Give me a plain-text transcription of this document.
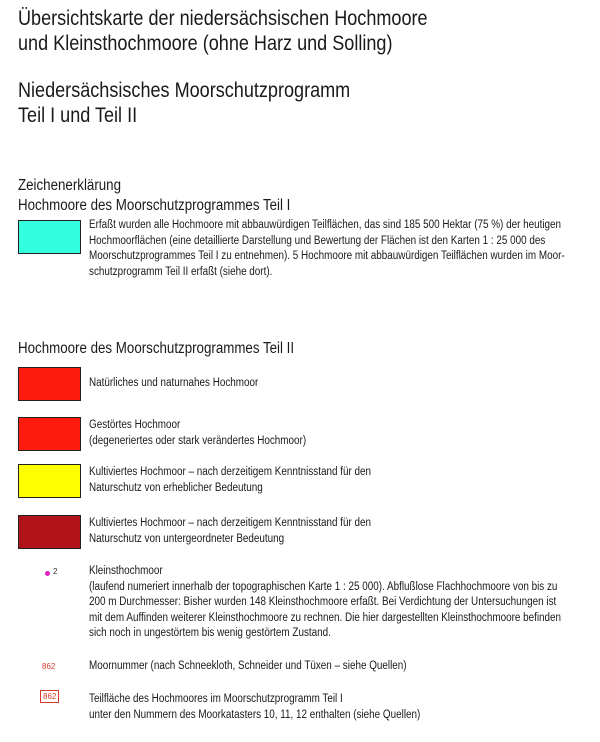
Übersichtskarte der niedersächsischen Hochmoore
und Kleinsthochmoore (ohne Harz und Solling)
Niedersächsisches Moorschutzprogramm
Teil I und Teil II
Zeichenerklärung
Hochmoore des Moorschutzprogrammes Teil I
Erfaßt wurden alle Hochmoore mit abbauwürdigen Teilflächen, das sind 185 500 Hektar (75 %) der heutigen
Hochmoorflächen (eine detaillierte Darstellung und Bewertung der Flächen ist den Karten 1 : 25 000 des
Moorschutzprogrammes Teil I zu entnehmen). 5 Hochmoore mit abbauwürdigen Teilflächen wurden im Moor-
schutzprogramm Teil II erfaßt (siehe dort).
Hochmoore des Moorschutzprogrammes Teil II
Natürliches und naturnahes Hochmoor
Gestörtes Hochmoor
(degeneriertes oder stark verändertes Hochmoor)
Kultiviertes Hochmoor – nach derzeitigem Kenntnisstand für den
Naturschutz von erheblicher Bedeutung
Kultiviertes Hochmoor – nach derzeitigem Kenntnisstand für den
Naturschutz von untergeordneter Bedeutung
2	Kleinsthochmoor
(laufend numeriert innerhalb der topographischen Karte 1 : 25 000). Abflußlose Flachhochmoore von bis zu
200 m Durchmesser: Bisher wurden 148 Kleinsthochmoore erfaßt. Bei Verdichtung der Untersuchungen ist
mit dem Auffinden weiterer Kleinsthochmoore zu rechnen. Die hier dargestellten Kleinsthochmoore befinden
sich noch in ungestörtem bis wenig gestörtem Zustand.
862	Moornummer (nach Schneekloth, Schneider und Tüxen – siehe Quellen)
862	Teilfläche des Hochmoores im Moorschutzprogramm Teil I
unter den Nummern des Moorkatasters 10, 11, 12 enthalten (siehe Quellen)
